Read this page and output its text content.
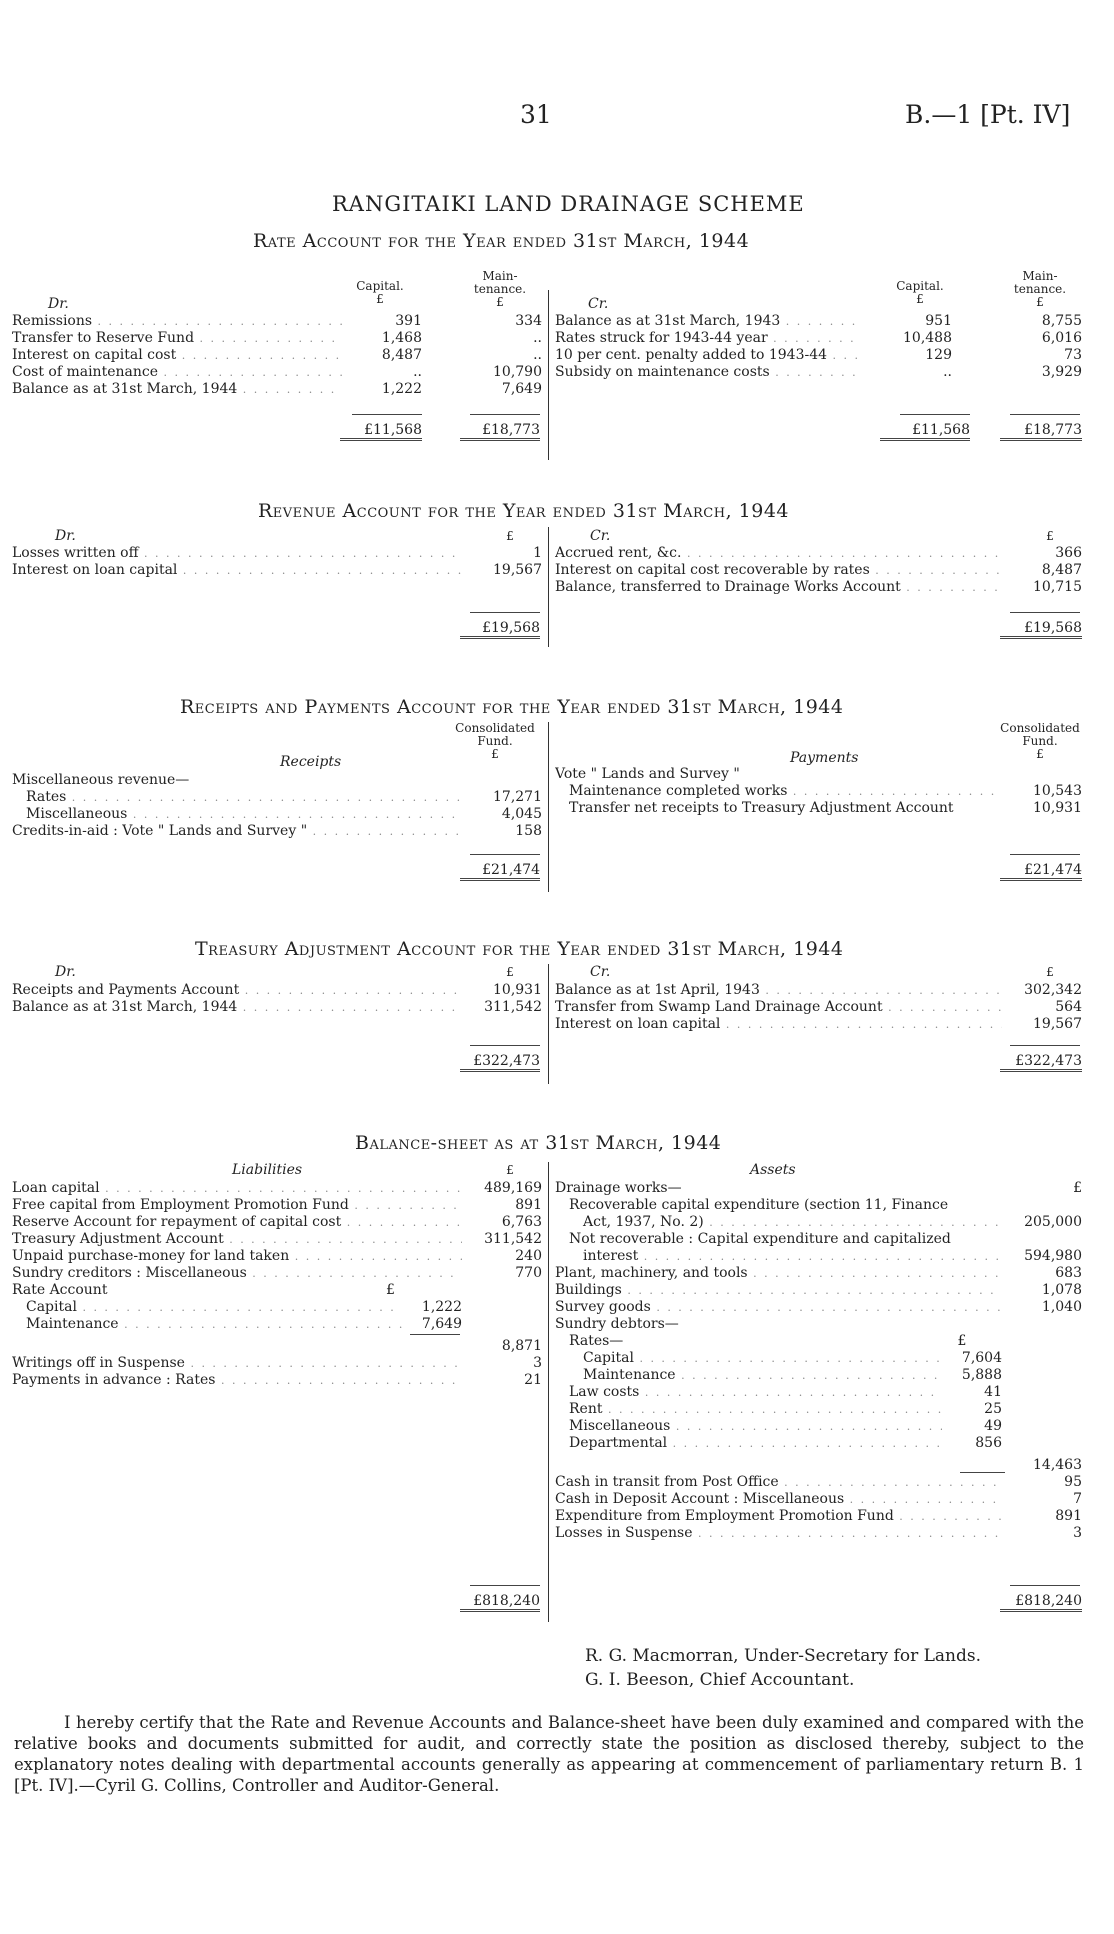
31	B.—1 [Pt. IV]
RANGITAIKI LAND DRAINAGE SCHEME
Rate Account for the Year ended 31st March, 1944
Capital.
£
Main-
tenance.
£
Capital.
£
Main-
tenance.
£
Dr.	Cr.
Remissions . . .	391	334
Transfer to Reserve Fund . . .	1,468	..
Interest on capital cost . . .	8,487	..
Cost of maintenance . . .	..	10,790
Balance as at 31st March, 1944 . . .	1,222	7,649
£11,568	£18,773
Balance as at 31st March, 1943 . . .	951	8,755
Rates struck for 1943-44 year . . .	10,488	6,016
10 per cent. penalty added to 1943-44 . . .	129	73
Subsidy on maintenance costs . . .	..	3,929
£11,568	£18,773
Revenue Account for the Year ended 31st March, 1944
Dr.	£	Cr.	£
Losses written off . . .	1
Interest on loan capital . . .	19,567
£19,568
Accrued rent, &c. . . .	366
Interest on capital cost recoverable by rates . . .	8,487
Balance, transferred to Drainage Works Account . . .	10,715
£19,568
Receipts and Payments Account for the Year ended 31st March, 1944
Consolidated
Fund.
£
Consolidated
Fund.
£
Receipts	Payments
Miscellaneous revenue—
Rates . . .	17,271
Miscellaneous . . .	4,045
Credits-in-aid : Vote " Lands and Survey " . . .	158
£21,474
Vote " Lands and Survey "
Maintenance completed works . . .	10,543
Transfer net receipts to Treasury Adjustment Account	10,931
£21,474
Treasury Adjustment Account for the Year ended 31st March, 1944
Dr.	£	Cr.	£
Receipts and Payments Account . . .	10,931
Balance as at 31st March, 1944 . . .	311,542
£322,473
Balance as at 1st April, 1943 . . .	302,342
Transfer from Swamp Land Drainage Account . . .	564
Interest on loan capital . . .	19,567
£322,473
Balance-sheet as at 31st March, 1944
Liabilities	£	Assets
Loan capital . . .	489,169
Free capital from Employment Promotion Fund . . .	891
Reserve Account for repayment of capital cost . . .	6,763
Treasury Adjustment Account . . .	311,542
Unpaid purchase-money for land taken . . .	240
Sundry creditors : Miscellaneous . . .	770
Rate Account	£
Capital . . .	1,222
Maintenance . . .	7,649
8,871
Writings off in Suspense . . .	3
Payments in advance : Rates . . .	21
£818,240
Drainage works—	£
Recoverable capital expenditure (section 11, Finance
Act, 1937, No. 2) . . .	205,000
Not recoverable : Capital expenditure and capitalized
interest . . .	594,980
Plant, machinery, and tools . . .	683
Buildings . . .	1,078
Survey goods . . .	1,040
Sundry debtors—
Rates—	£
Capital . . .	7,604
Maintenance . . .	5,888
Law costs . . .	41
Rent . . .	25
Miscellaneous . . .	49
Departmental . . .	856
14,463
Cash in transit from Post Office . . .	95
Cash in Deposit Account : Miscellaneous . . .	7
Expenditure from Employment Promotion Fund . . .	891
Losses in Suspense . . .	3
£818,240
R. G. Macmorran, Under-Secretary for Lands.
G. I. Beeson, Chief Accountant.
I hereby certify that the Rate and Revenue Accounts and Balance-sheet have been duly examined and compared with the relative books and documents submitted for audit, and correctly state the position as disclosed thereby, subject to the explanatory notes dealing with departmental accounts generally as appearing at commencement of parliamentary return B. 1 [Pt. IV].—Cyril G. Collins, Controller and Auditor-General.
